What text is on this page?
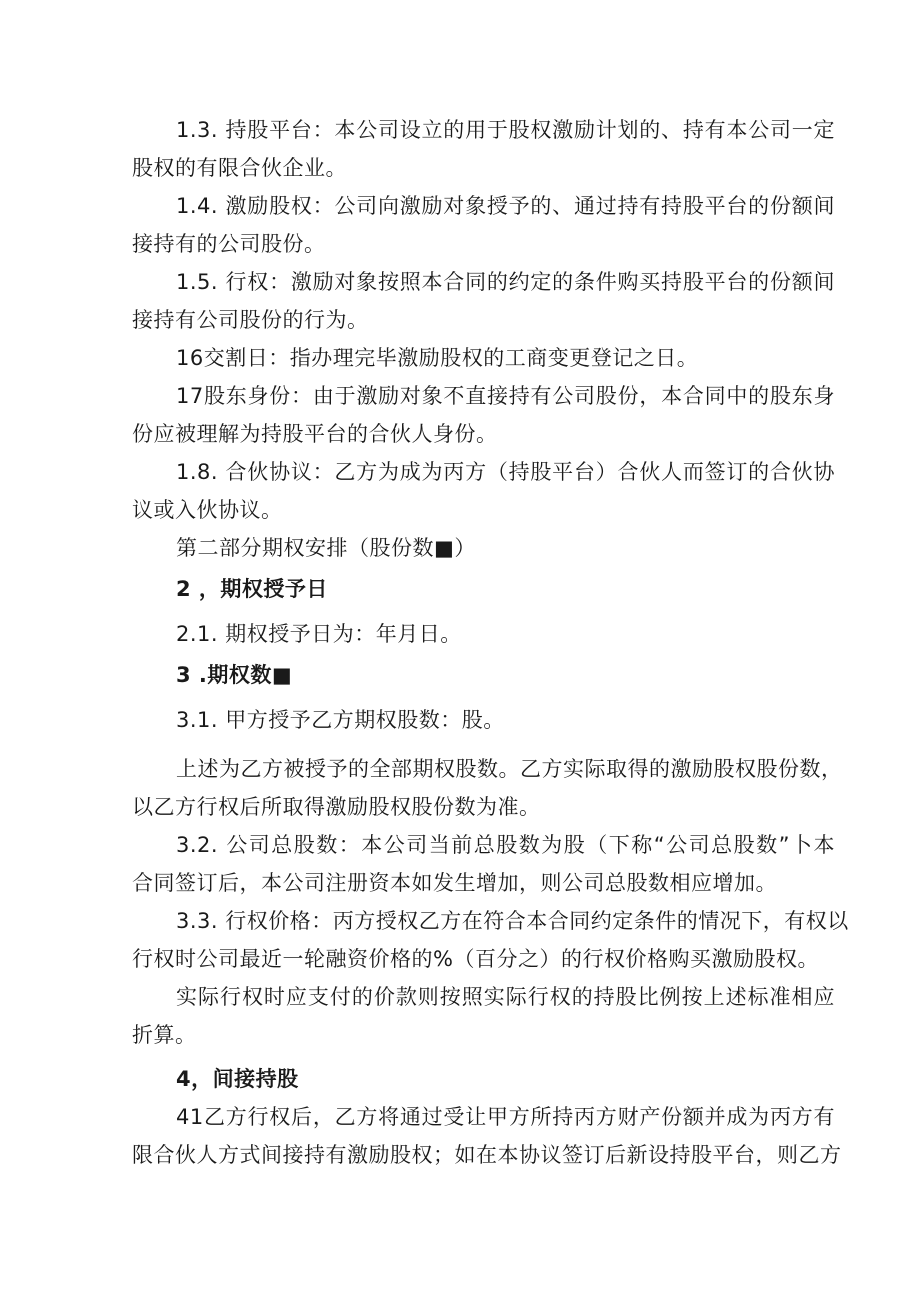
1.3. 持股平台：本公司设立的用于股权激励计划的、持有本公司一定
股权的有限合伙企业。
1.4. 激励股权：公司向激励对象授予的、通过持有持股平台的份额间
接持有的公司股份。
1.5. 行权：激励对象按照本合同的约定的条件购买持股平台的份额间
接持有公司股份的行为。
16交割日：指办理完毕激励股权的工商变更登记之日。
17股东身份：由于激励对象不直接持有公司股份，本合同中的股东身
份应被理解为持股平台的合伙人身份。
1.8. 合伙协议：乙方为成为丙方（持股平台）合伙人而签订的合伙协
议或入伙协议。
第二部分期权安排（股份数■）
2 ，期权授予日
2.1. 期权授予日为：年月日。
3 .期权数■
3.1. 甲方授予乙方期权股数：股。
上述为乙方被授予的全部期权股数。乙方实际取得的激励股权股份数，
以乙方行权后所取得激励股权股份数为准。
3.2. 公司总股数：本公司当前总股数为股（下称“公司总股数”卜本
合同签订后，本公司注册资本如发生增加，则公司总股数相应增加。
3.3. 行权价格：丙方授权乙方在符合本合同约定条件的情况下，有权以
行权时公司最近一轮融资价格的%（百分之）的行权价格购买激励股权。
实际行权时应支付的价款则按照实际行权的持股比例按上述标准相应
折算。
4，间接持股
41乙方行权后，乙方将通过受让甲方所持丙方财产份额并成为丙方有
限合伙人方式间接持有激励股权；如在本协议签订后新设持股平台，则乙方
